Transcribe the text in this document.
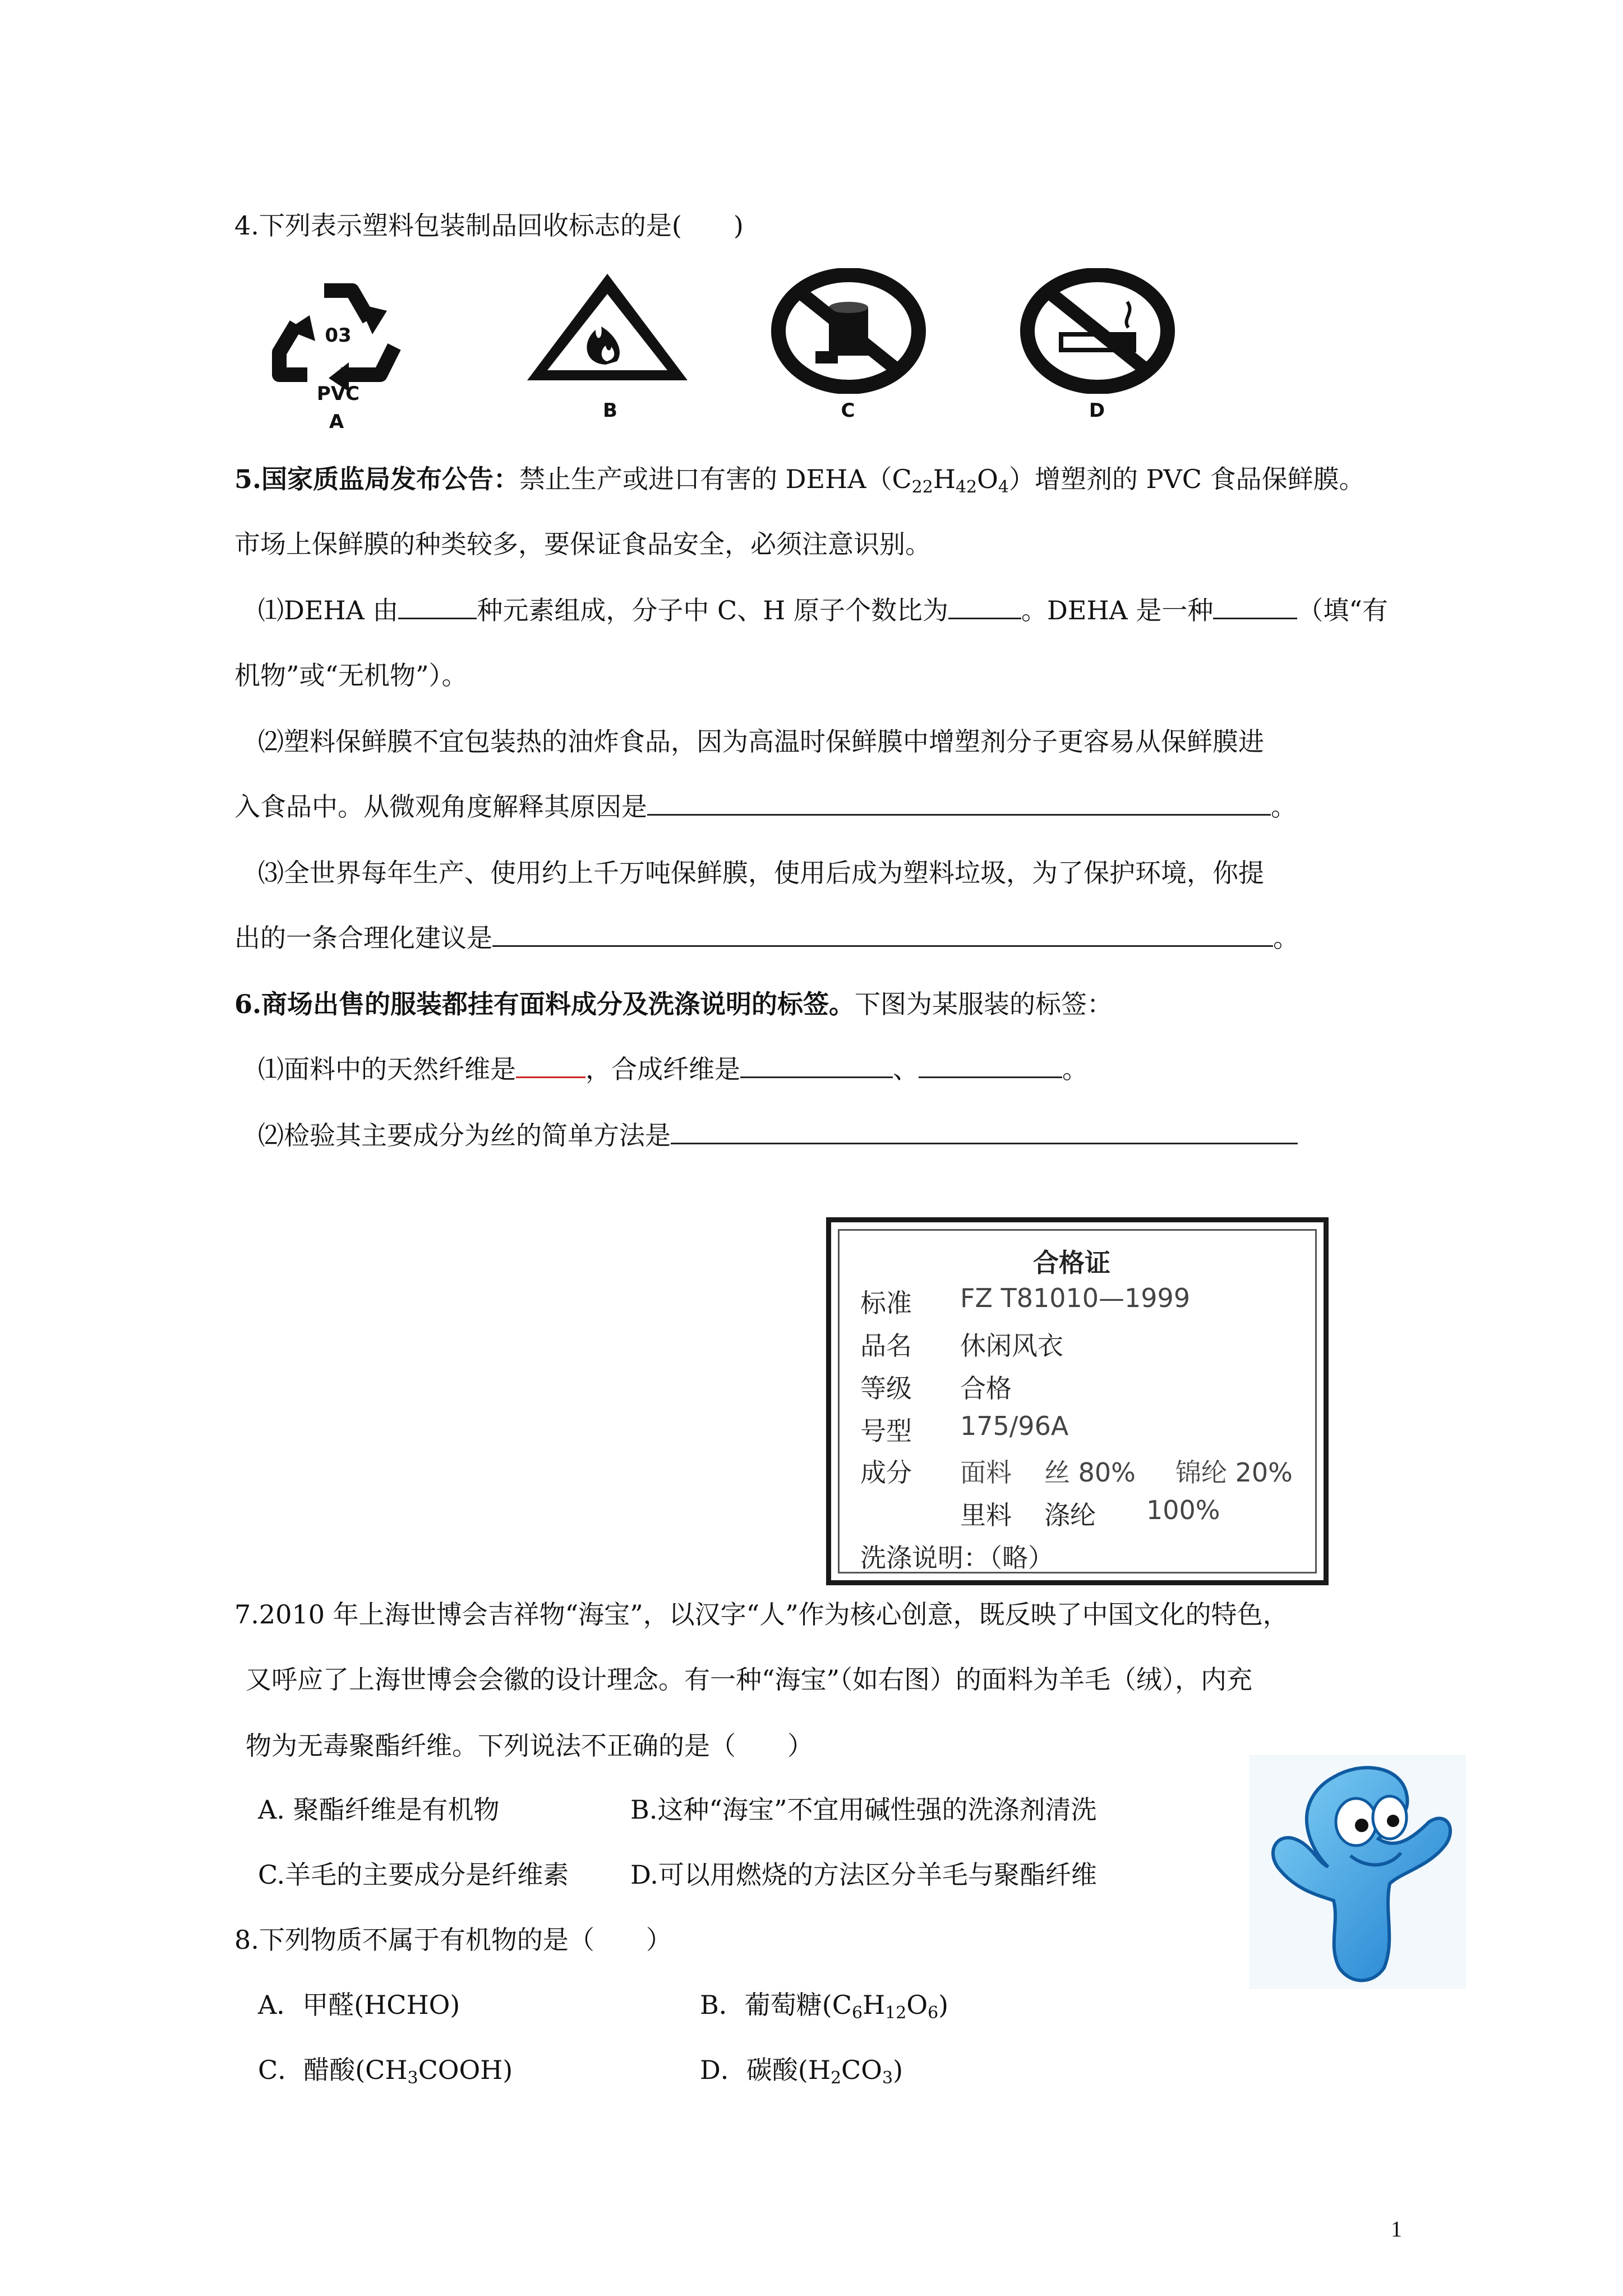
4.下列表示塑料包装制品回收标志的是(　　)
03
PVC
A	B	C	D
5.国家质监局发布公告：禁止生产或进口有害的 $DEHA(C_{22}H_{42}O_4)$增塑剂的 PVC 食品保鲜膜。
市场上保鲜膜的种类较多，要保证食品安全，必须注意识别。
⑴DEHA 由	种元素组成，分子中 C、H 原子个数比为	。DEHA 是一种	（填“有
机物”或“无机物”）。
⑵塑料保鲜膜不宜包装热的油炸食品，因为高温时保鲜膜中增塑剂分子更容易从保鲜膜进
入食品中。从微观角度解释其原因是	。
⑶全世界每年生产、使用约上千万吨保鲜膜，使用后成为塑料垃圾，为了保护环境，你提
出的一条合理化建议是	。
6.商场出售的服装都挂有面料成分及洗涤说明的标签。下图为某服装的标签：
⑴面料中的天然纤维是	，合成纤维是	、	。
⑵检验其主要成分为丝的简单方法是
合格证
标准 FZ T81010—1999
品名 休闲风衣
等级 合格
号型 175/96A
成分 面料 丝 80% 锦纶 20%
里料 涤纶 100%
洗涤说明：（略）
7.2010 年上海世博会吉祥物“海宝”，以汉字“人”作为核心创意，既反映了中国文化的特色，
又呼应了上海世博会会徽的设计理念。有一种“海宝”（如右图）的面料为羊毛（绒），内充
物为无毒聚酯纤维。下列说法不正确的是（　　）
A. 聚酯纤维是有机物	B.这种“海宝”不宜用碱性强的洗涤剂清洗
C.羊毛的主要成分是纤维素 D.可以用燃烧的方法区分羊毛与聚酯纤维
8.下列物质不属于有机物的是（　　）
A．甲醛(HCHO)	B．葡萄糖$(C_6H_{12}O_6)$
C．醋酸$(CH_3COOH)$	D．碳酸$(H_2CO_3)$
1
